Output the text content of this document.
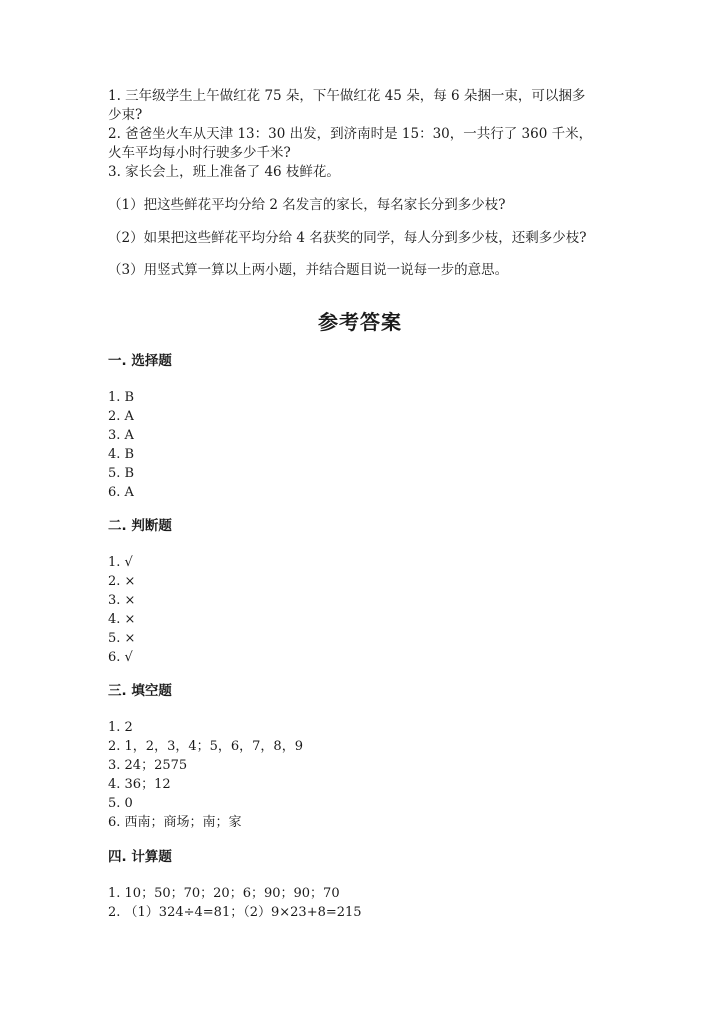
1. 三年级学生上午做红花 75 朵，下午做红花 45 朵，每 6 朵捆一束，可以捆多

少束?

2. 爸爸坐火车从天津 13：30 出发，到济南时是 15：30，一共行了 360 千米，

火车平均每小时行驶多少千米?

3. 家长会上，班上准备了 46 枝鲜花。

（1）把这些鲜花平均分给 2 名发言的家长，每名家长分到多少枝?

（2）如果把这些鲜花平均分给 4 名获奖的同学，每人分到多少枝，还剩多少枝?

（3）用竖式算一算以上两小题，并结合题目说一说每一步的意思。

参考答案

一. 选择题

1. B

2. A

3. A

4. B

5. B

6. A

二. 判断题

1. √

2. ×

3. ×

4. ×

5. ×

6. √

三. 填空题

1. 2

2. 1，2，3，4；5，6，7，8，9

3. 24；2575

4. 36；12

5. 0

6. 西南；商场；南；家

四. 计算题

1. 10；50；70；20；6；90；90；70

2. （1）324÷4=81；（2）9×23+8=215
